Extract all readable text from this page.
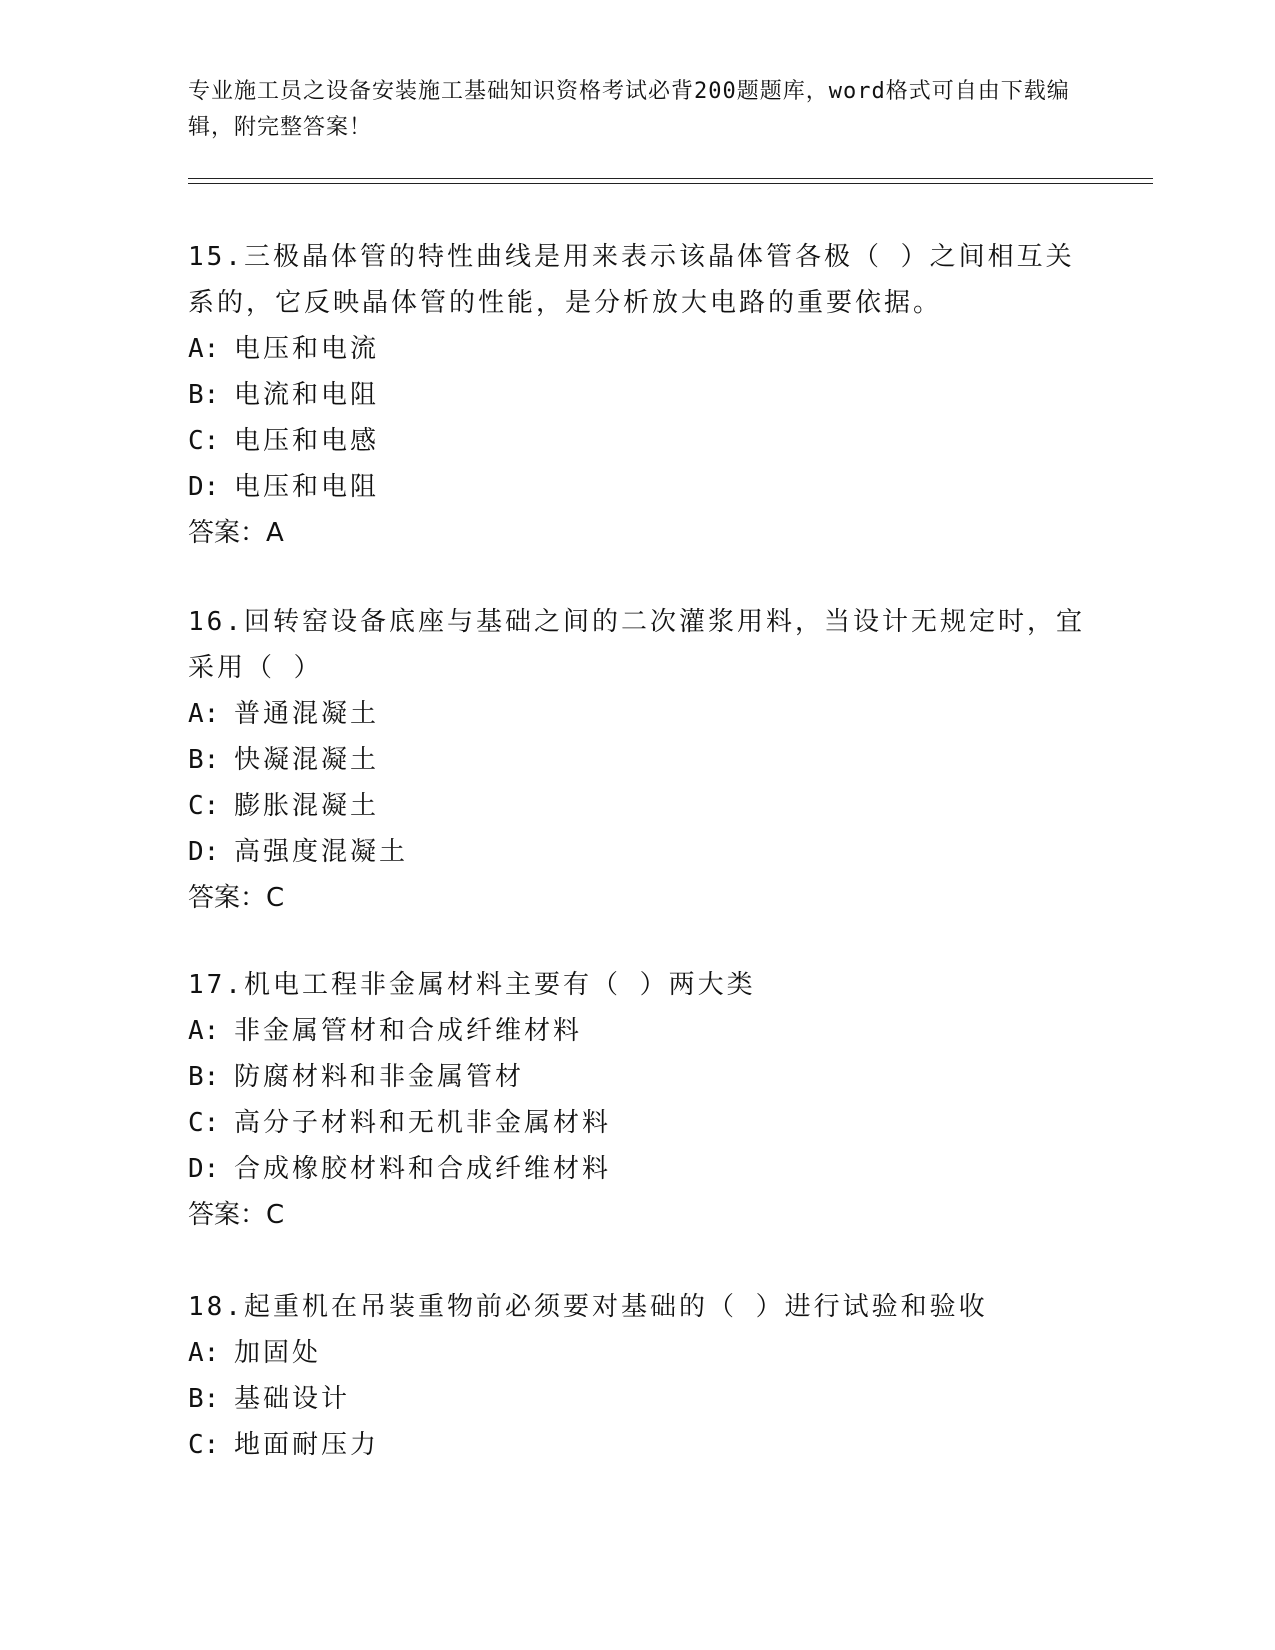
专业施工员之设备安装施工基础知识资格考试必背200题题库，word格式可自由下载编辑，附完整答案！
15.三极晶体管的特性曲线是用来表示该晶体管各极（ ）之间相互关系的，它反映晶体管的性能，是分析放大电路的重要依据。
A: 电压和电流
B: 电流和电阻
C: 电压和电感
D: 电压和电阻
答案：A
16.回转窑设备底座与基础之间的二次灌浆用料，当设计无规定时，宜采用（ ）
A: 普通混凝土
B: 快凝混凝土
C: 膨胀混凝土
D: 高强度混凝土
答案：C
17.机电工程非金属材料主要有（ ）两大类
A: 非金属管材和合成纤维材料
B: 防腐材料和非金属管材
C: 高分子材料和无机非金属材料
D: 合成橡胶材料和合成纤维材料
答案：C
18.起重机在吊装重物前必须要对基础的（ ）进行试验和验收
A: 加固处
B: 基础设计
C: 地面耐压力
